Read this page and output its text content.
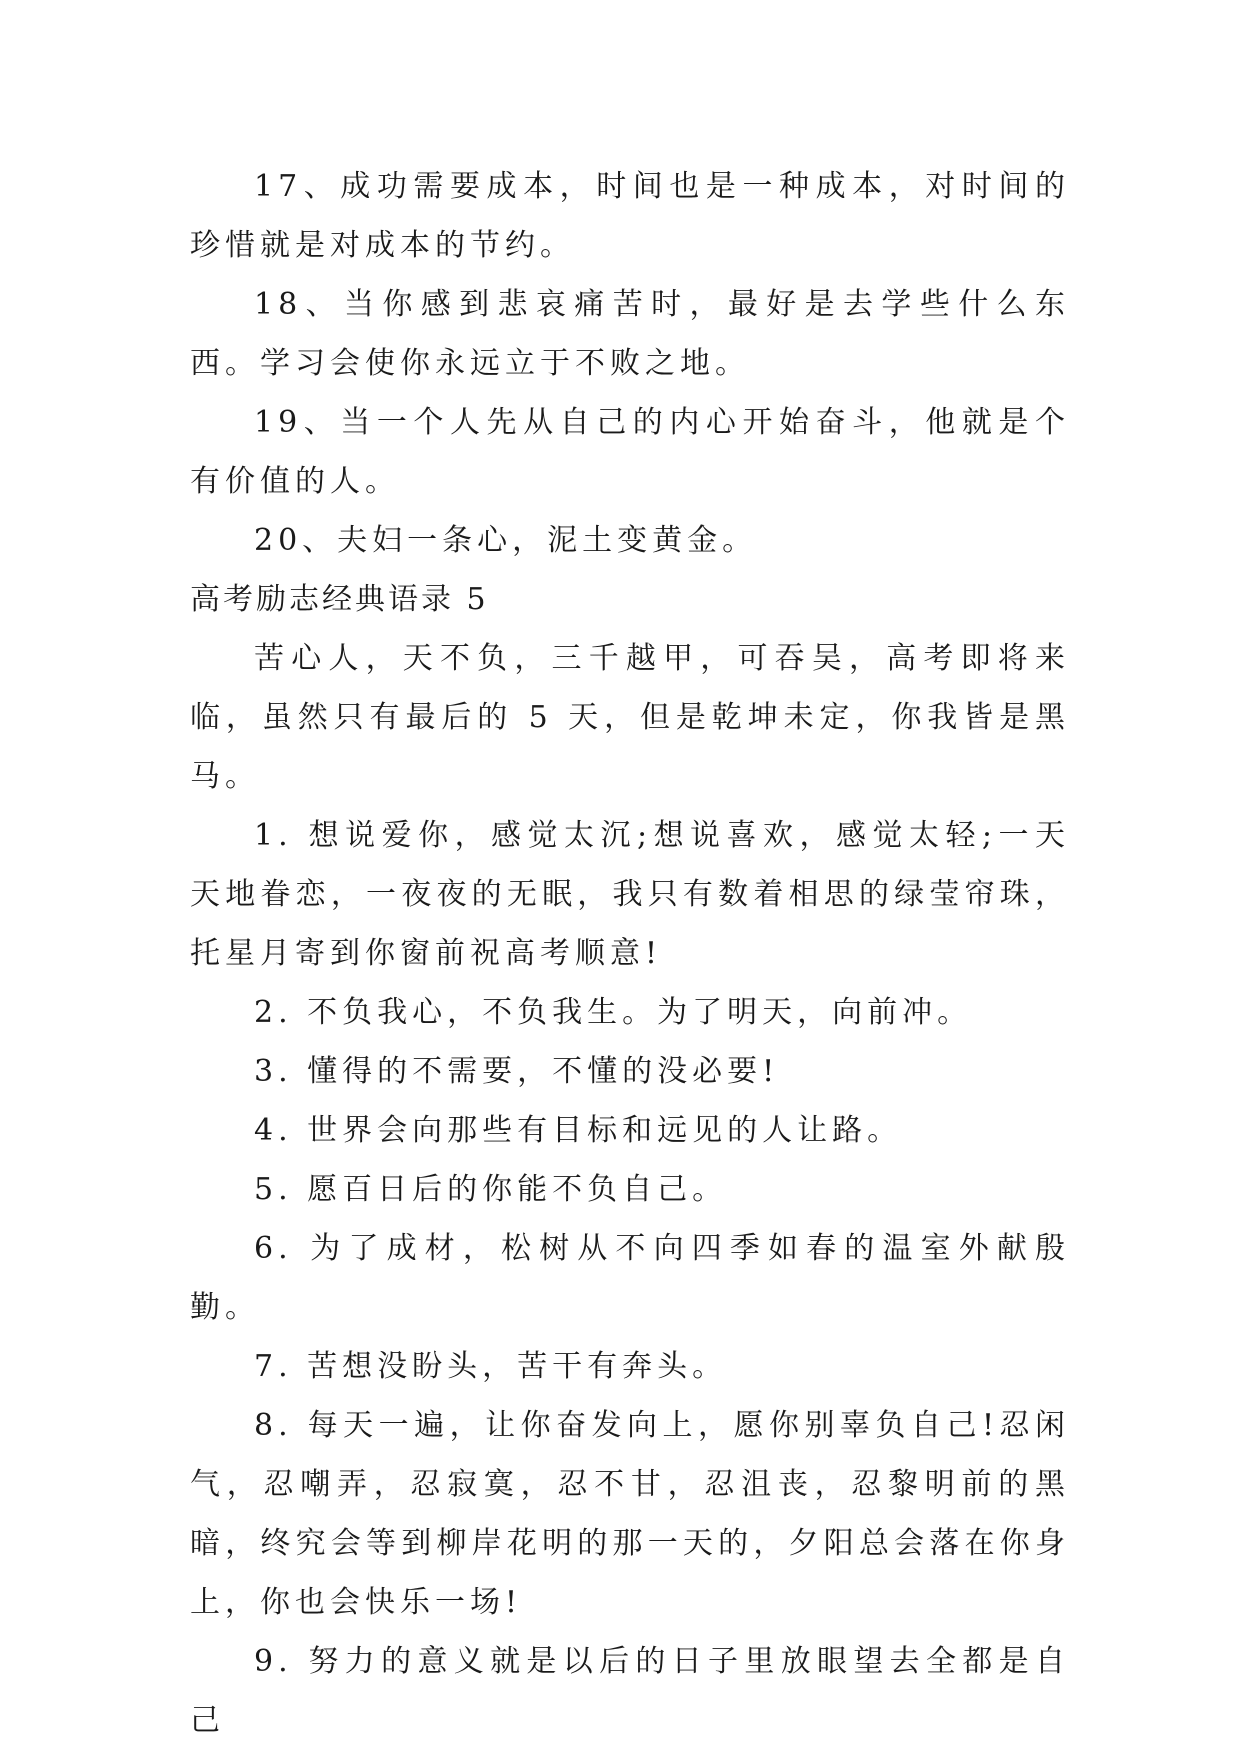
17、成功需要成本，时间也是一种成本，对时间的珍惜就是对成本的节约。

18、当你感到悲哀痛苦时，最好是去学些什么东西。学习会使你永远立于不败之地。

19、当一个人先从自己的内心开始奋斗，他就是个有价值的人。

20、夫妇一条心，泥土变黄金。

高考励志经典语录 5

苦心人，天不负，三千越甲，可吞吴，高考即将来临，虽然只有最后的 5 天，但是乾坤未定，你我皆是黑马。

1. 想说爱你，感觉太沉;想说喜欢，感觉太轻;一天天地眷恋，一夜夜的无眠，我只有数着相思的绿莹帘珠，托星月寄到你窗前祝高考顺意!

2. 不负我心，不负我生。为了明天，向前冲。

3. 懂得的不需要，不懂的没必要!

4. 世界会向那些有目标和远见的人让路。

5. 愿百日后的你能不负自己。

6. 为了成材，松树从不向四季如春的温室外献殷勤。

7. 苦想没盼头，苦干有奔头。

8. 每天一遍，让你奋发向上，愿你别辜负自己!忍闲气，忍嘲弄，忍寂寞，忍不甘，忍沮丧，忍黎明前的黑暗，终究会等到柳岸花明的那一天的，夕阳总会落在你身上，你也会快乐一场!

9. 努力的意义就是以后的日子里放眼望去全都是自己
